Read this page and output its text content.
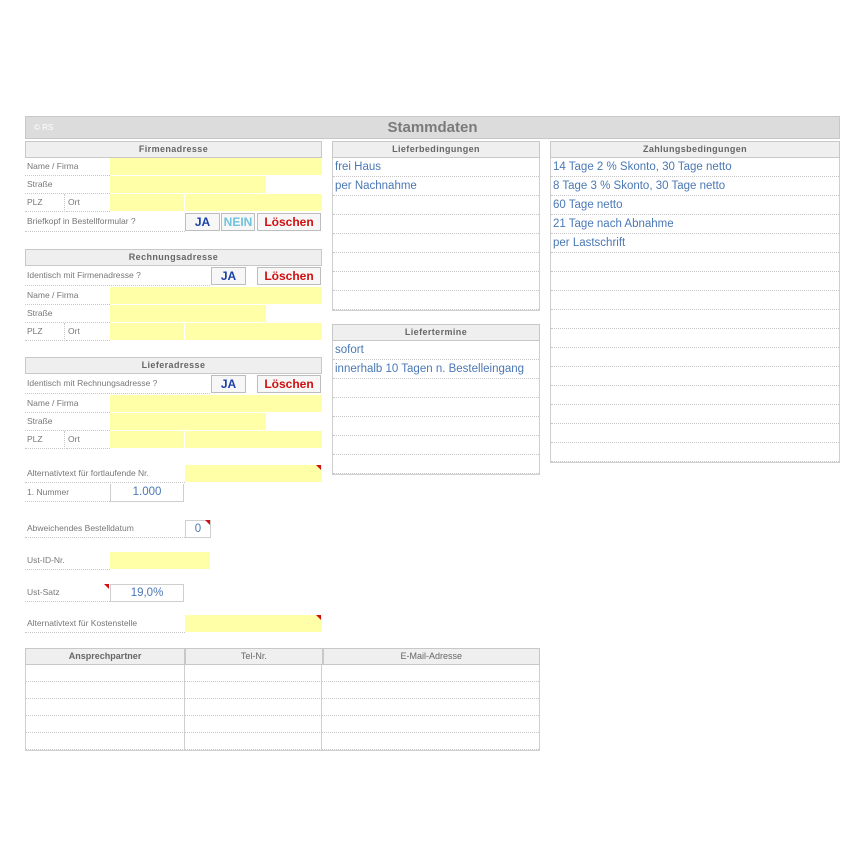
© RS	Stammdaten
Firmenadresse
Name / Firma
Straße
PLZ	Ort
Briefkopf in Bestellformular ?	JA	NEIN	Löschen
Rechnungsadresse
Identisch mit Firmenadresse ?	JA	Löschen
Name / Firma
Straße
PLZ	Ort
Lieferadresse
Identisch mit Rechnungsadresse ?	JA	Löschen
Name / Firma
Straße
PLZ	Ort
Alternativtext für fortlaufende Nr.
1. Nummer	1.000
Abweichendes Bestelldatum	0
Ust-ID-Nr.
Ust-Satz	19,0%
Alternativtext für Kostenstelle
Lieferbedingungen
frei Haus
per Nachnahme
Liefertermine
sofort
innerhalb 10 Tagen n. Bestelleingang
Zahlungsbedingungen
14 Tage 2 % Skonto, 30 Tage netto
8 Tage 3 % Skonto, 30 Tage netto
60 Tage netto
21 Tage nach Abnahme
per Lastschrift
Ansprechpartner	Tel-Nr.	E-Mail-Adresse
